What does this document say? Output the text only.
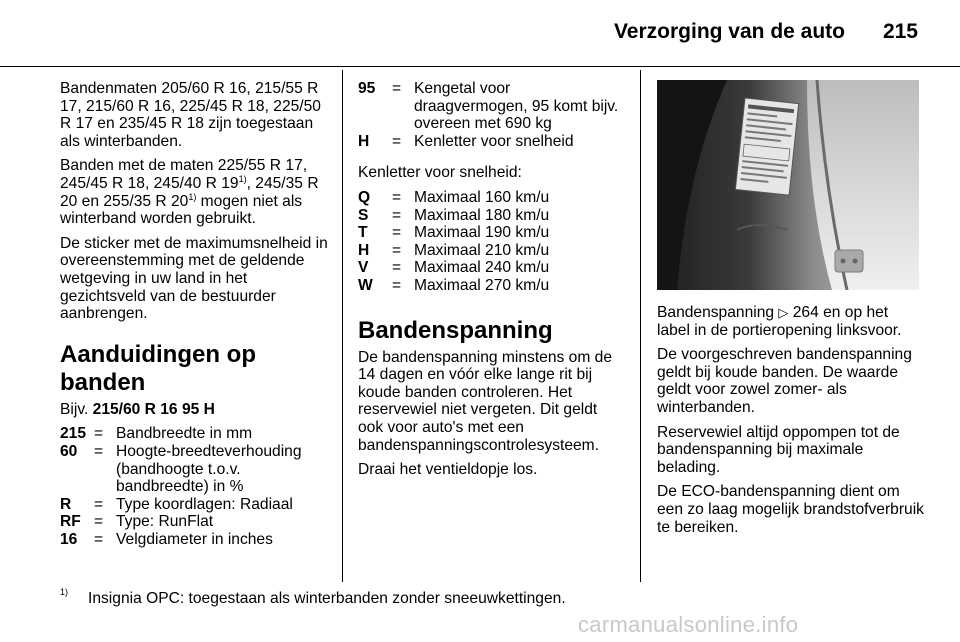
Verzorging van de auto 215

Bandenmaten 205/60 R 16, 215/55 R 17, 215/60 R 16, 225/45 R 18, 225/50 R 17 en 235/45 R 18 zijn toegestaan als winterbanden.

Banden met de maten 225/55 R 17, 245/45 R 18, 245/40 R 19$^{1)}$, 245/35 R 20 en 255/35 R 20$^{1)}$ mogen niet als winterband worden gebruikt.

De sticker met de maximumsnelheid in overeenstemming met de geldende wetgeving in uw land in het gezichtsveld van de bestuurder aanbrengen.

Aanduidingen op banden

Bijv. 215/60 R 16 95 H

215 = Bandbreedte in mm
60	= Hoogte-breedteverhouding (bandhoogte t.o.v. bandbreedte) in %
R	= Type koordlagen: Radiaal
RF = Type: RunFlat
16	= Velgdiameter in inches
95	= Kengetal voor draagvermogen, 95 komt bijv. overeen met 690 kg
H	= Kenletter voor snelheid

Kenletter voor snelheid:

Q	= Maximaal 160 km/u
S	= Maximaal 180 km/u
T	= Maximaal 190 km/u
H	= Maximaal 210 km/u
V	= Maximaal 240 km/u
W	= Maximaal 270 km/u
Bandenspanning

De bandenspanning minstens om de 14 dagen en vóór elke lange rit bij koude banden controleren. Het reservewiel niet vergeten. Dit geldt ook voor auto's met een bandenspanningscontrolesysteem.

Draai het ventieldopje los.

Bandenspanning ▷ 264 en op het label in de portieropening linksvoor.

De voorgeschreven bandenspanning geldt bij koude banden. De waarde geldt voor zowel zomer- als winterbanden.

Reservewiel altijd oppompen tot de bandenspanning bij maximale belading.

De ECO-bandenspanning dient om een zo laag mogelijk brandstofverbruik te bereiken.

1) Insignia OPC: toegestaan als winterbanden zonder sneeuwkettingen.
carmanualsonline.info
